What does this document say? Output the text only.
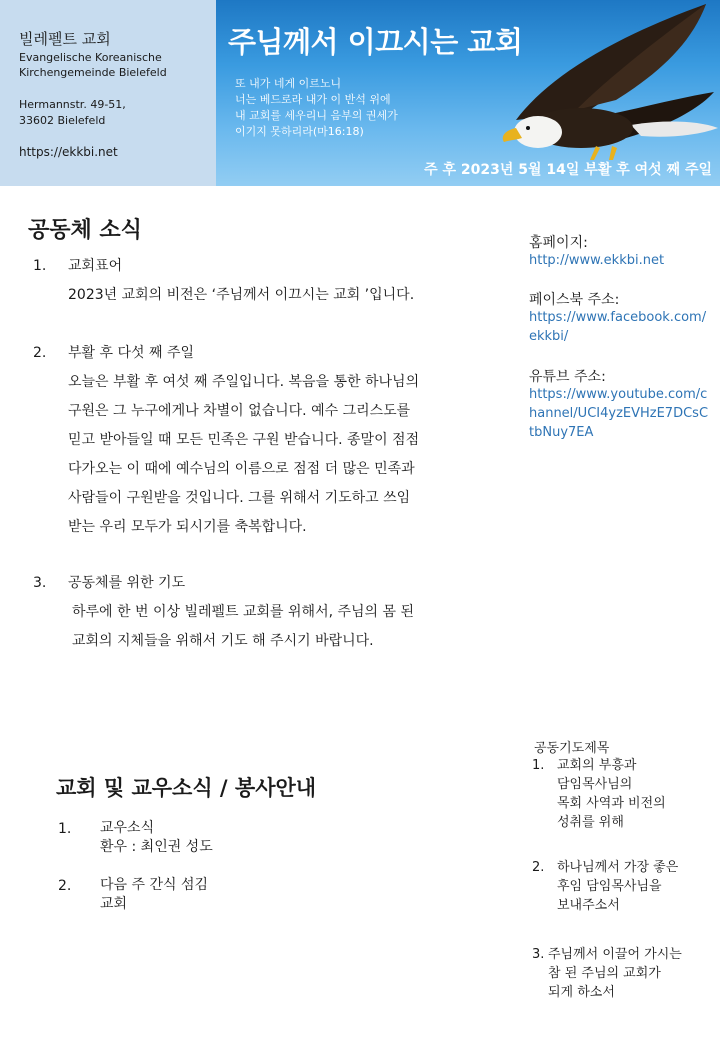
빌레펠트 교회
Evangelische Koreanische Kirchengemeinde Bielefeld
Hermannstr. 49-51,
33602 Bielefeld
https://ekkbi.net
주님께서 이끄시는 교회
또 내가 네게 이르노니
너는 베드로라 내가 이 반석 위에
내 교회를 세우리니 음부의 권세가
이기지 못하리라(마16:18)
주 후 2023년 5월 14일 부활 후 여섯 째 주일
공동체 소식
1. 교회표어
2023년 교회의 비전은 ‘주님께서 이끄시는 교회 ’입니다.
2. 부활 후 다섯 째 주일
오늘은 부활 후 여섯 째 주일입니다. 복음을 통한 하나님의
구원은 그 누구에게나 차별이 없습니다. 예수 그리스도를
믿고 받아들일 때 모든 민족은 구원 받습니다. 종말이 점점
다가오는 이 때에 예수님의 이름으로 점점 더 많은 민족과
사람들이 구원받을 것입니다. 그를 위해서 기도하고 쓰임
받는 우리 모두가 되시기를 축복합니다.
3. 공동체를 위한 기도
하루에 한 번 이상 빌레펠트 교회를 위해서, 주님의 몸 된
교회의 지체들을 위해서 기도 해 주시기 바랍니다.
홈페이지:
http://www.ekkbi.net
페이스북 주소:
https://www.facebook.com/ekkbi/
유튜브 주소:
https://www.youtube.com/channel/UCI4yzEVHzE7DCsCtbNuy7EA
교회 및 교우소식 / 봉사안내
1. 교우소식
환우 : 최인권 성도
2. 다음 주 간식 섬김
교회
공동기도제목
1. 교회의 부흥과
담임목사님의
목회 사역과 비전의
성취를 위해
2. 하나님께서 가장 좋은
후임 담임목사님을
보내주소서
3. 주님께서 이끌어 가시는
참 된 주님의 교회가
되게 하소서
